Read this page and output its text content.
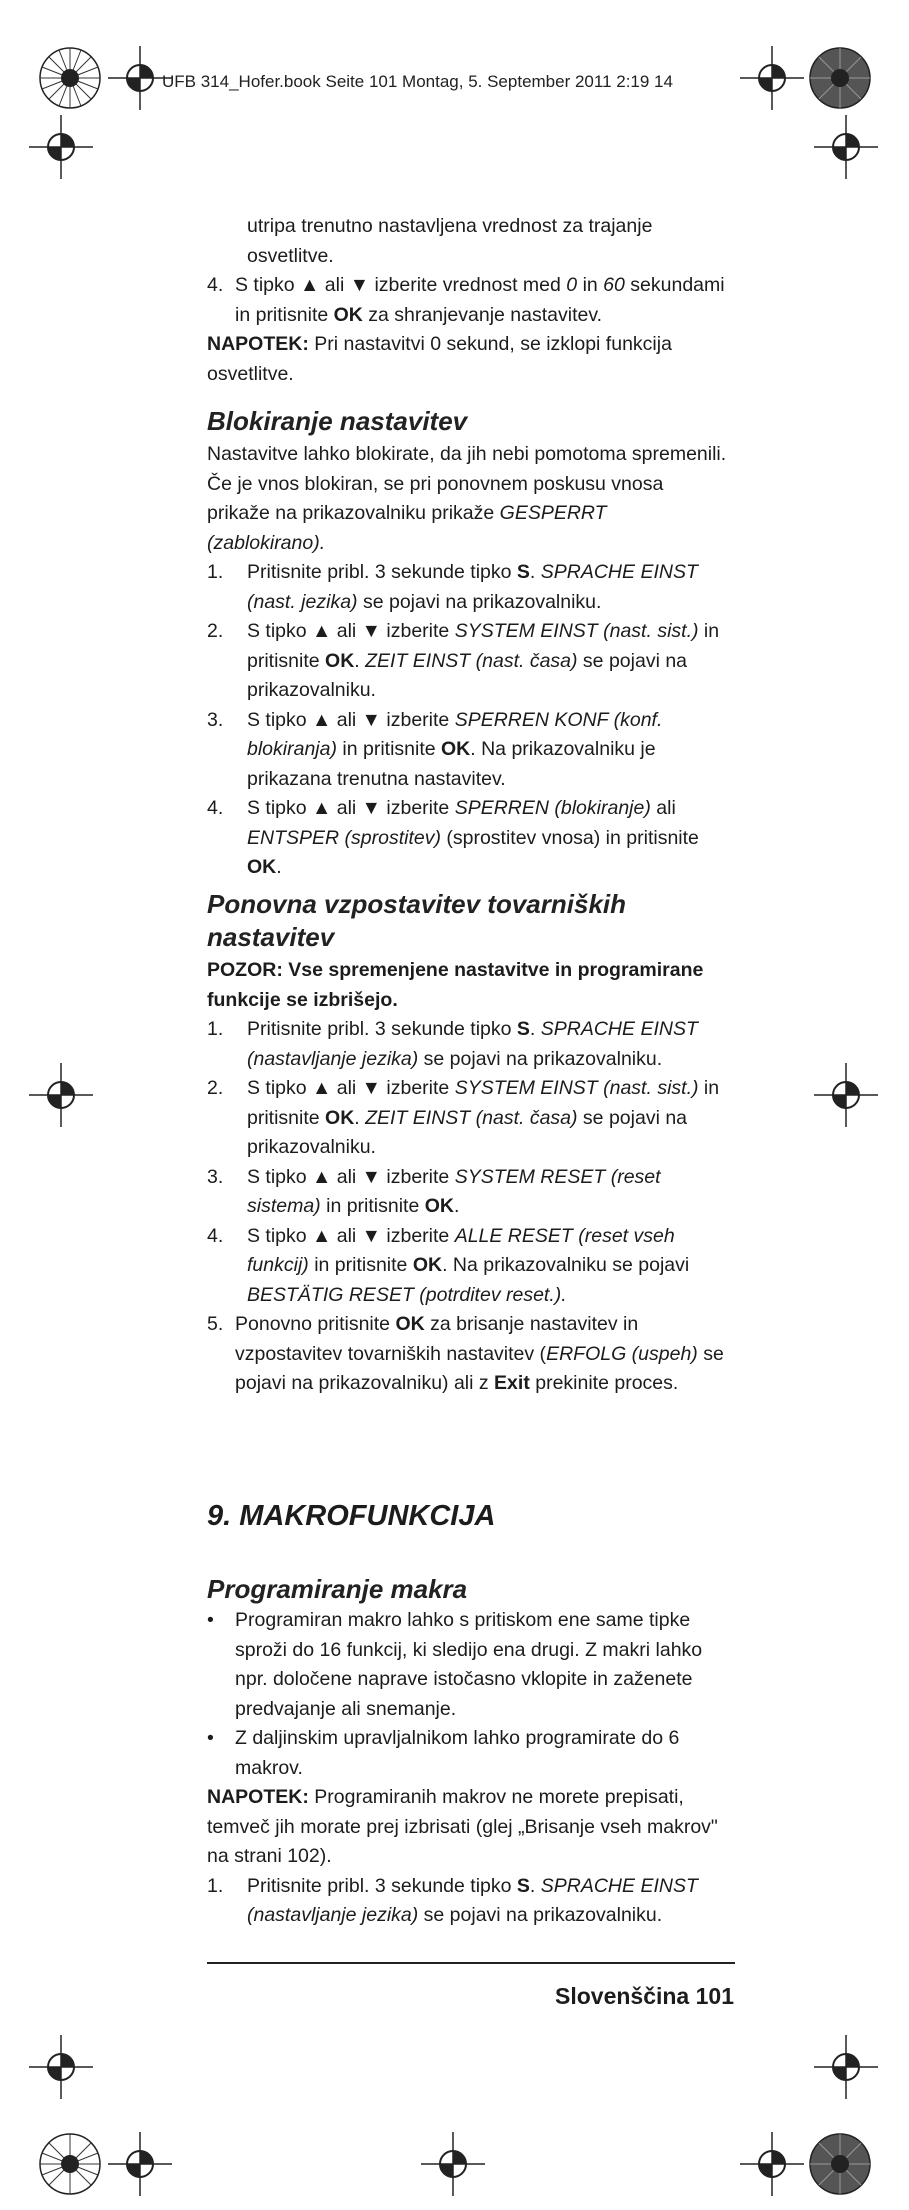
UFB 314_Hofer.book Seite 101 Montag, 5. September 2011 2:19 14

utripa trenutno nastavljena vrednost za trajanje osvetlitve.

4. S tipko ▲ ali ▼ izberite vrednost med 0 in 60 sekundami in pritisnite OK za shranjevanje nastavitev.

NAPOTEK: Pri nastavitvi 0 sekund, se izklopi funkcija osvetlitve.

Blokiranje nastavitev

Nastavitve lahko blokirate, da jih nebi pomotoma spremenili. Če je vnos blokiran, se pri ponovnem poskusu vnosa prikaže na prikazovalniku prikaže GESPERRT (zablokirano).

1.	Pritisnite pribl. 3 sekunde tipko S. SPRACHE EINST (nast. jezika) se pojavi na prikazovalniku.
2.	S tipko ▲ ali ▼ izberite SYSTEM EINST (nast. sist.) in pritisnite OK. ZEIT EINST (nast. časa) se pojavi na prikazovalniku.
3.	S tipko ▲ ali ▼ izberite SPERREN KONF (konf. blokiranja) in pritisnite OK. Na prikazovalniku je prikazana trenutna nastavitev.
4.	S tipko ▲ ali ▼ izberite SPERREN (blokiranje) ali ENTSPER (sprostitev) (sprostitev vnosa) in pritisnite OK.
Ponovna vzpostavitev tovarniških nastavitev

POZOR: Vse spremenjene nastavitve in programirane funkcije se izbrišejo.

1.	Pritisnite pribl. 3 sekunde tipko S. SPRACHE EINST (nastavljanje jezika) se pojavi na prikazovalniku.
2.	S tipko ▲ ali ▼ izberite SYSTEM EINST (nast. sist.) in pritisnite OK. ZEIT EINST (nast. časa) se pojavi na prikazovalniku.
3.	S tipko ▲ ali ▼ izberite SYSTEM RESET (reset sistema) in pritisnite OK.
4.	S tipko ▲ ali ▼ izberite ALLE RESET (reset vseh funkcij) in pritisnite OK. Na prikazovalniku se pojavi BESTÄTIG RESET (potrditev reset.).
5. Ponovno pritisnite OK za brisanje nastavitev in vzpostavitev tovarniških nastavitev (ERFOLG (uspeh) se pojavi na prikazovalniku) ali z Exit prekinite proces.
9. MAKROFUNKCIJA
Programiranje makra
•	Programiran makro lahko s pritiskom ene same tipke sproži do 16 funkcij, ki sledijo ena drugi. Z makri lahko npr. določene naprave istočasno vklopite in zaženete predvajanje ali snemanje.
•	Z daljinskim upravljalnikom lahko programirate do 6 makrov.

NAPOTEK: Programiranih makrov ne morete prepisati, temveč jih morate prej izbrisati (glej „Brisanje vseh makrov" na strani 102).

1.	Pritisnite pribl. 3 sekunde tipko S. SPRACHE EINST (nastavljanje jezika) se pojavi na prikazovalniku.
Slovenščina 101
